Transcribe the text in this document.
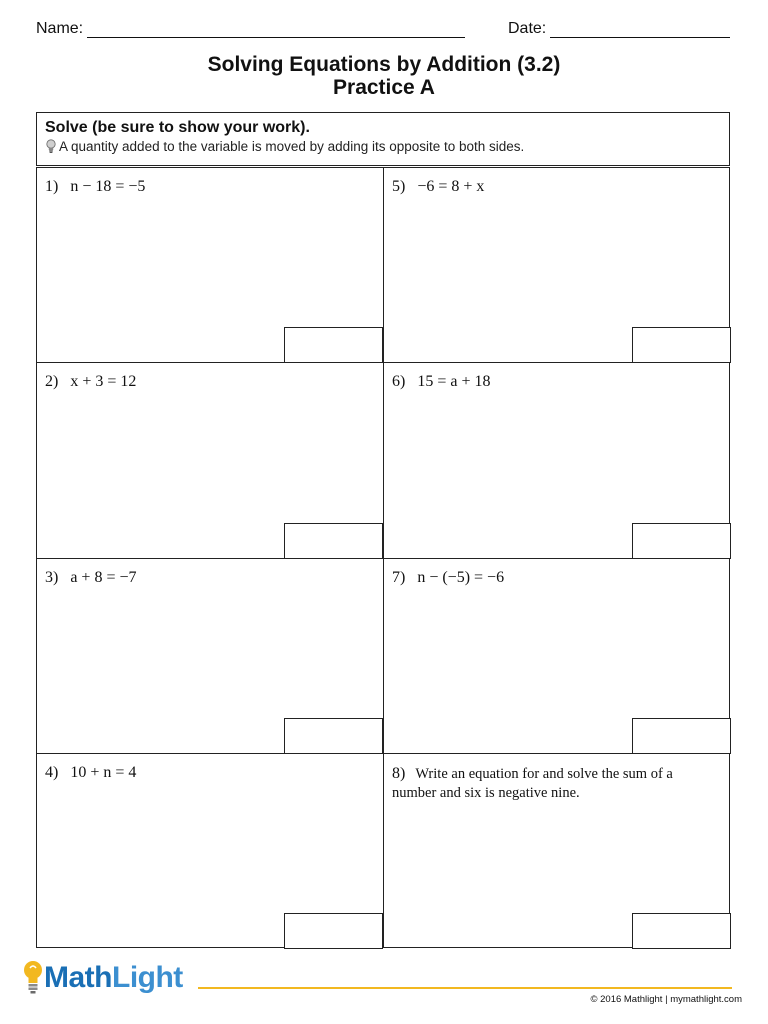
Name:	Date:
Solving Equations by Addition (3.2)
Practice A
Solve (be sure to show your work).
A quantity added to the variable is moved by adding its opposite to both sides.
1) n − 18 = −5
2) x + 3 = 12
3) a + 8 = −7
4) 10 + n = 4
5) −6 = 8 + x
6) 15 = a + 18
7) n − (−5) = −6
8) Write an equation for and solve the sum of a number and six is negative nine.
MathLight
© 2016 Mathlight | mymathlight.com
